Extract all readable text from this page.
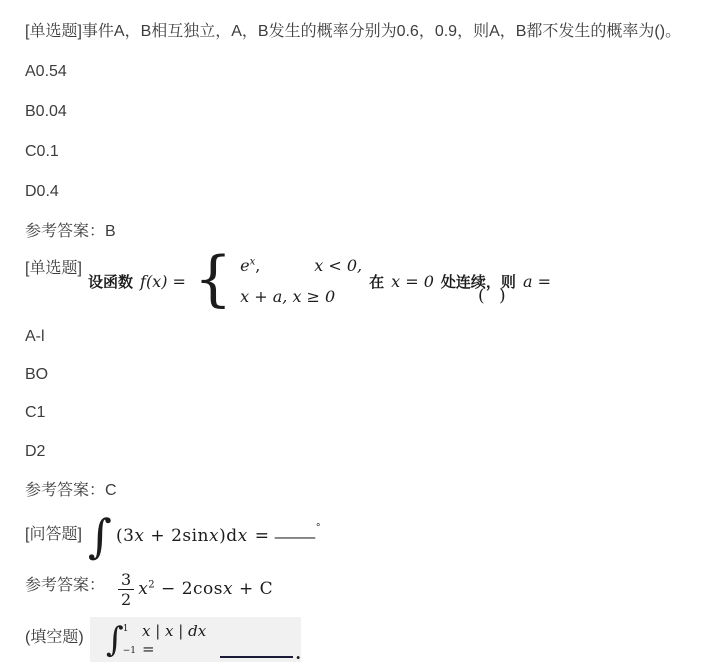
[单选题]事件A，B相互独立，A，B发生的概率分别为0.6，0.9，则A，B都不发生的概率为()。
A0.54
B0.04
C0.1
D0.4
参考答案：B
[单选题]
设函数 f(x) = { $e^x$,	x < 0,
x + a, x ≥ 0
在 x = 0 处连续，则 a =
( )
A-l
BO
C1
D2
参考答案：C
[问答题] ∫ (3x + 2sinx)dx = ——— °
参考答案： $\frac{3}{2} x^2 - 2\cos x + C$
(填空题) ∫ 1
−1
x | x | dx =	.
